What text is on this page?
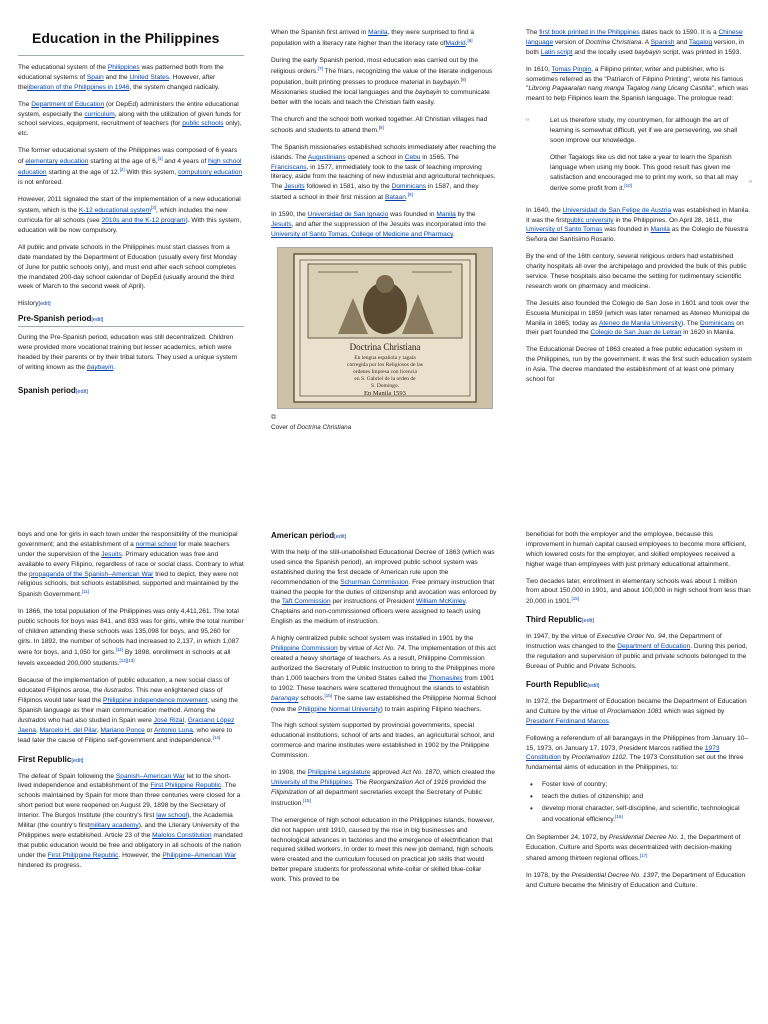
Education in the Philippines

The educational system of the Philippines was patterned both from the educational systems of Spain and the United States. However, after theliberation of the Philippines in 1946, the system changed radically.

The Department of Education (or DepEd) administers the entire educational system, especially the curriculum, along with the utilization of given funds for school services, equipment, recruitment of teachers (for public schools only), etc.

The former educational system of the Philippines was composed of 6 years of elementary education starting at the age of 6,[1] and 4 years of high school education starting at the age of 12.[2] With this system, compulsory education is not enforced.

However, 2011 signaled the start of the implementation of a new educational system, which is the K-12 educational system[3], which includes the new curricula for all schools (see 2010s and the K-12 program). With this system, education will be now compulsory.

All public and private schools in the Philippines must start classes from a date mandated by the Department of Education (usually every first Monday of June for public schools only), and must end after each school completes the mandated 200-day school calendar of DepEd (usually around the third week of March to the second week of April).

History[edit]
Pre-Spanish period[edit]

During the Pre-Spanish period, education was still decentralized. Children were provided more vocational training but lesser academics, which were headed by their parents or by their tribal tutors. They used a unique system of writing known as the baybayin.

Spanish period[edit]

When the Spanish first arrived in Manila, they were surprised to find a population with a literacy rate higher than the literacy rate ofMadrid.[6]

During the early Spanish period, most education was carried out by the religious orders.[7] The friars, recognizing the value of the literate indigenous population, built printing presses to produce material in baybayin.[8] Missionaries studied the local languages and the baybayin to communicate better with the locals and teach the Christian faith easily.

The church and the school both worked together. All Christian villages had schools and students to attend them.[8]

The Spanish missionaries established schools immediately after reaching the islands. The Augustinians opened a school in Cebu in 1565. The Franciscans, in 1577, immediately took to the task of teaching improving literacy, aside from the teaching of new industrial and agricultural techniques. The Jesuits followed in 1581, also by the Dominicans in 1587, and they started a school in their first mission at Bataan.[9]

In 1590, the Universidad de San Ignacio was founded in Manila by the Jesuits, and after the suppression of the Jesuits was incorporated into the University of Santo Tomas, College of Medicine and Pharmacy.

Doctrina Christiana
En lengua española y tagala
corregida por los Religiosos de las
ordenes Impresa con licencia
en S. Gabriel de la orden de
S. Domingo.
En Manila 1593
⧉
Cover of Doctrina Christiana

The first book printed in the Philippines dates back to 1590. It is a Chinese language version of Doctrina Christiana. A Spanish and Tagalog version, in both Latin script and the locally used baybayin script, was printed in 1593.

In 1610, Tomas Pinpin, a Filipino printer, writer and publisher, who is sometimes referred as the "Patriarch of Filipino Printing", wrote his famous "Librong Pagaaralan nang manga Tagalog nang Uicang Castilla", which was meant to help Filipinos learn the Spanish language. The prologue read:

“	Let us therefore study, my countrymen, for although the art of learning is somewhat difficult, yet if we are persevering, we shall soon improve our knowledge.

Other Tagalogs like us did not take a year to learn the Spanish language when using my book. This good result has given me satisfaction and encouraged me to print my work, so that all may derive some profit from it.[10]	”

In 1640, the Universidad de San Felipe de Austria was established in Manila. It was the firstpublic university in the Philippines. On April 28, 1611, the University of Santo Tomas was founded in Manila as the Colegio de Nuestra Señora del Santísimo Rosario.

By the end of the 16th century, several religious orders had established charity hospitals all over the archipelago and provided the bulk of this public service. These hospitals also became the setting for rudimentary scientific research work on pharmacy and medicine.

The Jesuits also founded the Colegio de San Jose in 1601 and took over the Escuela Municipal in 1859 (which was later renamed as Ateneo Municipal de Manila in 1865; today as Ateneo de Manila University). The Dominicans on their part founded the Colegio de San Juan de Letran in 1620 in Manila.

The Educational Decree of 1863 created a free public education system in the Philippines, run by the government. It was the first such education system in Asia. The decree mandated the establishment of at least one primary school for

boys and one for girls in each town under the responsibility of the municipal government; and the establishment of a normal school for male teachers under the supervision of the Jesuits. Primary education was free and available to every Filipino, regardless of race or social class. Contrary to what the propaganda of the Spanish–American War tried to depict, they were not religious schools, but schools established, supported and maintained by the Spanish Government.[11]

In 1866, the total population of the Philippines was only 4,411,261. The total public schools for boys was 841, and 833 was for girls, while the total number of children attending these schools was 135,098 for boys, and 95,260 for girls. In 1892, the number of schools had increased to 2,137, in which 1,087 were for boys, and 1,050 for girls.[11] By 1898, enrollment in schools at all levels exceeded 200,000 students.[12][13]

Because of the implementation of public education, a new social class of educated Filipinos arose, the ilustrados. This new enlightened class of Filipinos would later lead the Philippine independence movement, using the Spanish language as their main communication method. Among the ilustrados who had also studied in Spain were José Rizal, Graciano López Jaena, Marcelo H. del Pilar, Mariano Ponce or Antonio Luna, who were to lead later the cause of Filipino self-government and independence.[14]

First Republic[edit]

The defeat of Spain following the Spanish–American War let to the short-lived independence and establishment of the First Philippine Republic. The schools maintained by Spain for more than three centuries were closed for a short period but were reopened on August 29, 1898 by the Secretary of Interior. The Burgos Institute (the country's first law school), the Academia Militar (the country's firstmilitary academy), and the Literary University of the Philippines were established. Article 23 of the Malolos Constitution mandated that public education would be free and obligatory in all schools of the nation under the First Philippine Republic. However, the Philippine–American War hindered its progress.

American period[edit]

With the help of the still-unabolished Educational Decree of 1863 (which was used since the Spanish period), an improved public school system was established during the first decade of American rule upon the recommendation of the Schurman Commission. Free primary instruction that trained the people for the duties of citizenship and avocation was enforced by the Taft Commission per instructions of President William McKinley. Chaplains and non-commissioned officers were assigned to teach using English as the medium of instruction.

A highly centralized public school system was installed in 1901 by the Philippine Commission by virtue of Act No. 74. The implementation of this act created a heavy shortage of teachers. As a result, Philippine Commission authorized the Secretary of Public Instruction to bring to the Philippines more than 1,000 teachers from the United States called the Thomasites from 1901 to 1902. These teachers were scattered throughout the islands to establish barangay schools.[15] The same law established the Philippine Normal School (now the Philippine Normal University) to train aspiring Filipino teachers.

The high school system supported by provincial governments, special educational institutions, school of arts and trades, an agricultural school, and commerce and marine institutes were established in 1902 by the Philippine Commission.

In 1908, the Philippine Legislature approved Act No. 1870, which created the University of the Philippines. The Reorganization Act of 1916 provided the Filipinization of all department secretaries except the Secretary of Public Instruction.[15]

The emergence of high school education in the Philippines islands, however, did not happen until 1910, caused by the rise in big businesses and technological advances in factories and the emergence of electrification that required skilled workers. In order to meet this new job demand, high schools were created and the curriculum focused on practical job skills that would better prepare students for professional white-collar or skilled blue-collar work. This proved to be

beneficial for both the employer and the employee, because this improvement in human capital caused employees to become more efficient, which lowered costs for the employer, and skilled employees received a higher wage than employees with just primary educational attainment.

Two decades later, enrollment in elementary schools was about 1 million from about 150,000 in 1901, and about 100,000 in high school from less than 20,000 in 1901.[15]

Third Republic[edit]

In 1947, by the virtue of Executive Order No. 94, the Department of Instruction was changed to the Department of Education. During this period, the regulation and supervision of public and private schools belonged to the Bureau of Public and Private Schools.

Fourth Republic[edit]

In 1972, the Department of Education became the Department of Education and Culture by the virtue of Proclamation 1081 which was signed by President Ferdinand Marcos.

Following a referendum of all barangays in the Philippines from January 10–15, 1973, on January 17, 1973, President Marcos ratified the 1973 Constitution by Proclamation 1102. The 1973 Constitution set out the three fundamental aims of education in the Philippines, to:

• Foster love of country;
• teach the duties of citizenship; and
• develop moral character, self-discipline, and scientific, technological and vocational efficiency.[16]

On September 24, 1972, by Presidential Decree No. 1, the Department of Education, Culture and Sports was decentralized with decision-making shared among thirteen regional offices.[17]

In 1978, by the Presidential Decree No. 1397, the Department of Education and Culture became the Ministry of Education and Culture.
